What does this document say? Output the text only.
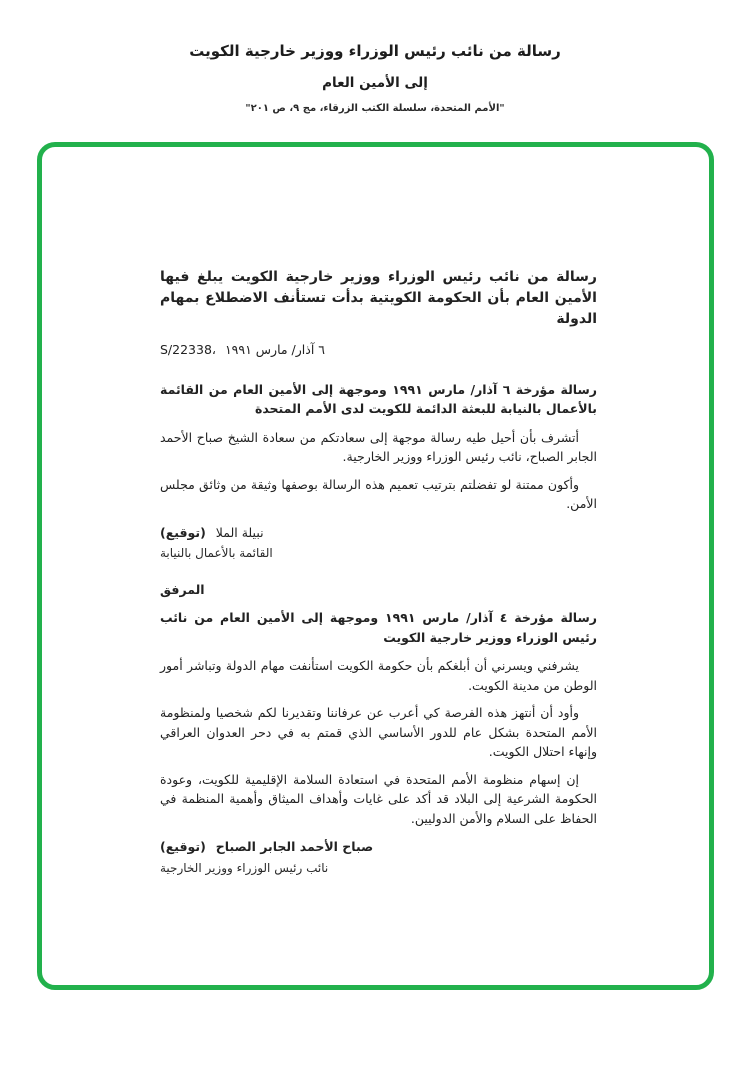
رسالة من نائب رئيس الوزراء ووزير خارجية الكويت
إلى الأمين العام
"الأمم المتحدة، سلسلة الكتب الزرقاء، مج ٩، ص ٢٠١"

رسالة من نائب رئيس الوزراء ووزير خارجية الكويت يبلغ فيها الأمين العام بأن الحكومة الكويتية بدأت تستأنف الاضطلاع بمهام الدولة

S/22338، ٦ آذار/ مارس ١٩٩١

رسالة مؤرخة ٦ آذار/ مارس ١٩٩١ وموجهة إلى الأمين العام من القائمة بالأعمال بالنيابة للبعثة الدائمة للكويت لدى الأمم المتحدة

أتشرف بأن أحيل طيه رسالة موجهة إلى سعادتكم من سعادة الشيخ صباح الأحمد الجابر الصباح، نائب رئيس الوزراء ووزير الخارجية.

وأكون ممتنة لو تفضلتم بترتيب تعميم هذه الرسالة بوصفها وثيقة من وثائق مجلس الأمن.

(توقيع) نبيلة الملا
القائمة بالأعمال بالنيابة

المرفق

رسالة مؤرخة ٤ آذار/ مارس ١٩٩١ وموجهة إلى الأمين العام من نائب رئيس الوزراء ووزير خارجية الكويت

يشرفني ويسرني أن أبلغكم بأن حكومة الكويت استأنفت مهام الدولة وتباشر أمور الوطن من مدينة الكويت.

وأود أن أنتهز هذه الفرصة كي أعرب عن عرفاننا وتقديرنا لكم شخصيا ولمنظومة الأمم المتحدة بشكل عام للدور الأساسي الذي قمتم به في دحر العدوان العراقي وإنهاء احتلال الكويت.

إن إسهام منظومة الأمم المتحدة في استعادة السلامة الإقليمية للكويت، وعودة الحكومة الشرعية إلى البلاد قد أكد على غايات وأهداف الميثاق وأهمية المنظمة في الحفاظ على السلام والأمن الدوليين.

(توقيع) صباح الأحمد الجابر الصباح
نائب رئيس الوزراء ووزير الخارجية
